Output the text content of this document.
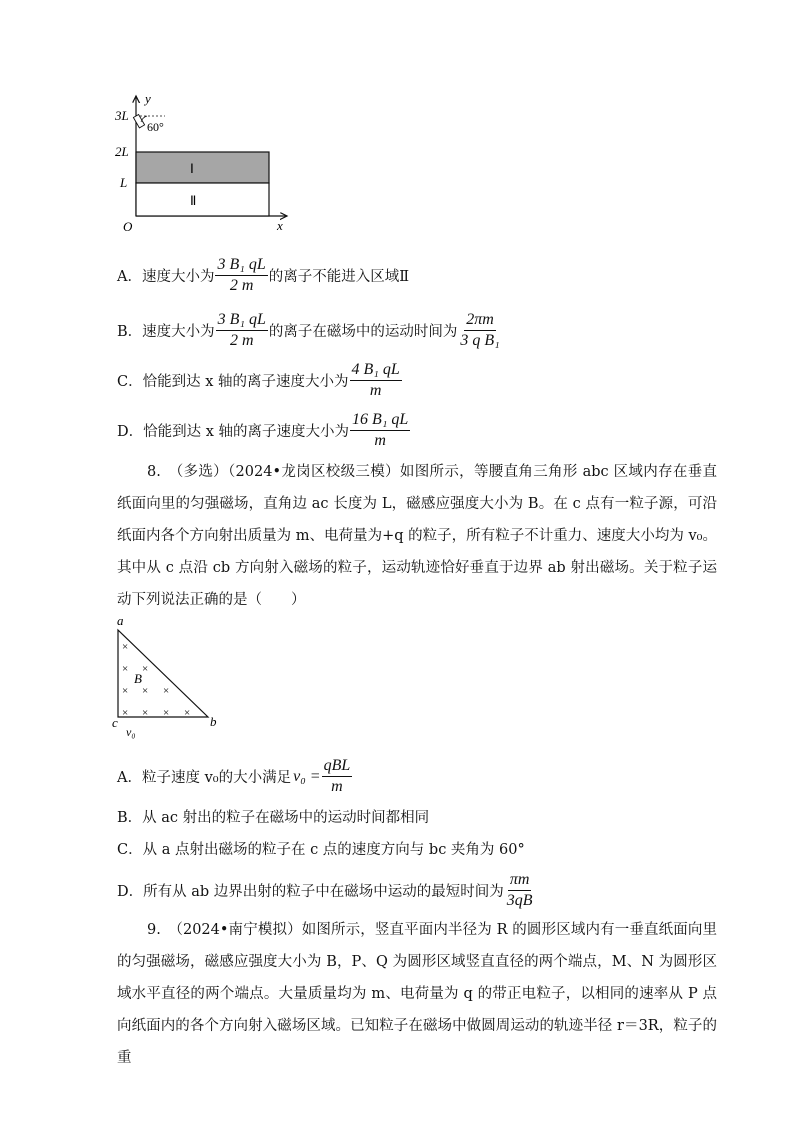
y
x
O
3L
2L
L
60°
Ⅰ
Ⅱ
A． 速度大小为 $\frac{\text{3 B₁ qL}}{2 m}$ 的离子不能进入区域Ⅱ
B． 速度大小为 $\frac{\text{3 B₁ qL}}{2 m}$ 的离子在磁场中的运动时间为 $\frac{2\pi m}{\text{3 q B₁}}$
C． 恰能到达 x 轴的离子速度大小为 $\frac{\text{4 B₁ qL}}{m}$
D． 恰能到达 x 轴的离子速度大小为 $\frac{\text{16 B₁ qL}}{m}$
8.　（多选）（2024•龙岗区校级三模）如图所示，等腰直角三角形 abc 区域内存在垂直纸面向里的匀强磁场，直角边 ac 长度为 L，磁感应强度大小为 B。在 c 点有一粒子源，可沿纸面内各个方向射出质量为 m、电荷量为+q 的粒子，所有粒子不计重力、速度大小均为 v₀。其中从 c 点沿 cb 方向射入磁场的粒子，运动轨迹恰好垂直于边界 ab 射出磁场。关于粒子运动下列说法正确的是（　　）
a
b
c
B
v₀
×
× ×
× × ×
× × × ×
A． 粒子速度 v₀的大小满足 $v_0 = \frac{\text{qBL}}{m}$
B． 从 ac 射出的粒子在磁场中的运动时间都相同
C． 从 a 点射出磁场的粒子在 c 点的速度方向与 bc 夹角为 60°
D． 所有从 ab 边界出射的粒子中在磁场中运动的最短时间为 $\frac{\pi m}{3qB}$
9.　（2024•南宁模拟）如图所示，竖直平面内半径为 R 的圆形区域内有一垂直纸面向里的匀强磁场，磁感应强度大小为 B，P、Q 为圆形区域竖直直径的两个端点，M、N 为圆形区域水平直径的两个端点。大量质量均为 m、电荷量为 q 的带正电粒子，以相同的速率从 P 点向纸面内的各个方向射入磁场区域。已知粒子在磁场中做圆周运动的轨迹半径 r＝3R，粒子的重
